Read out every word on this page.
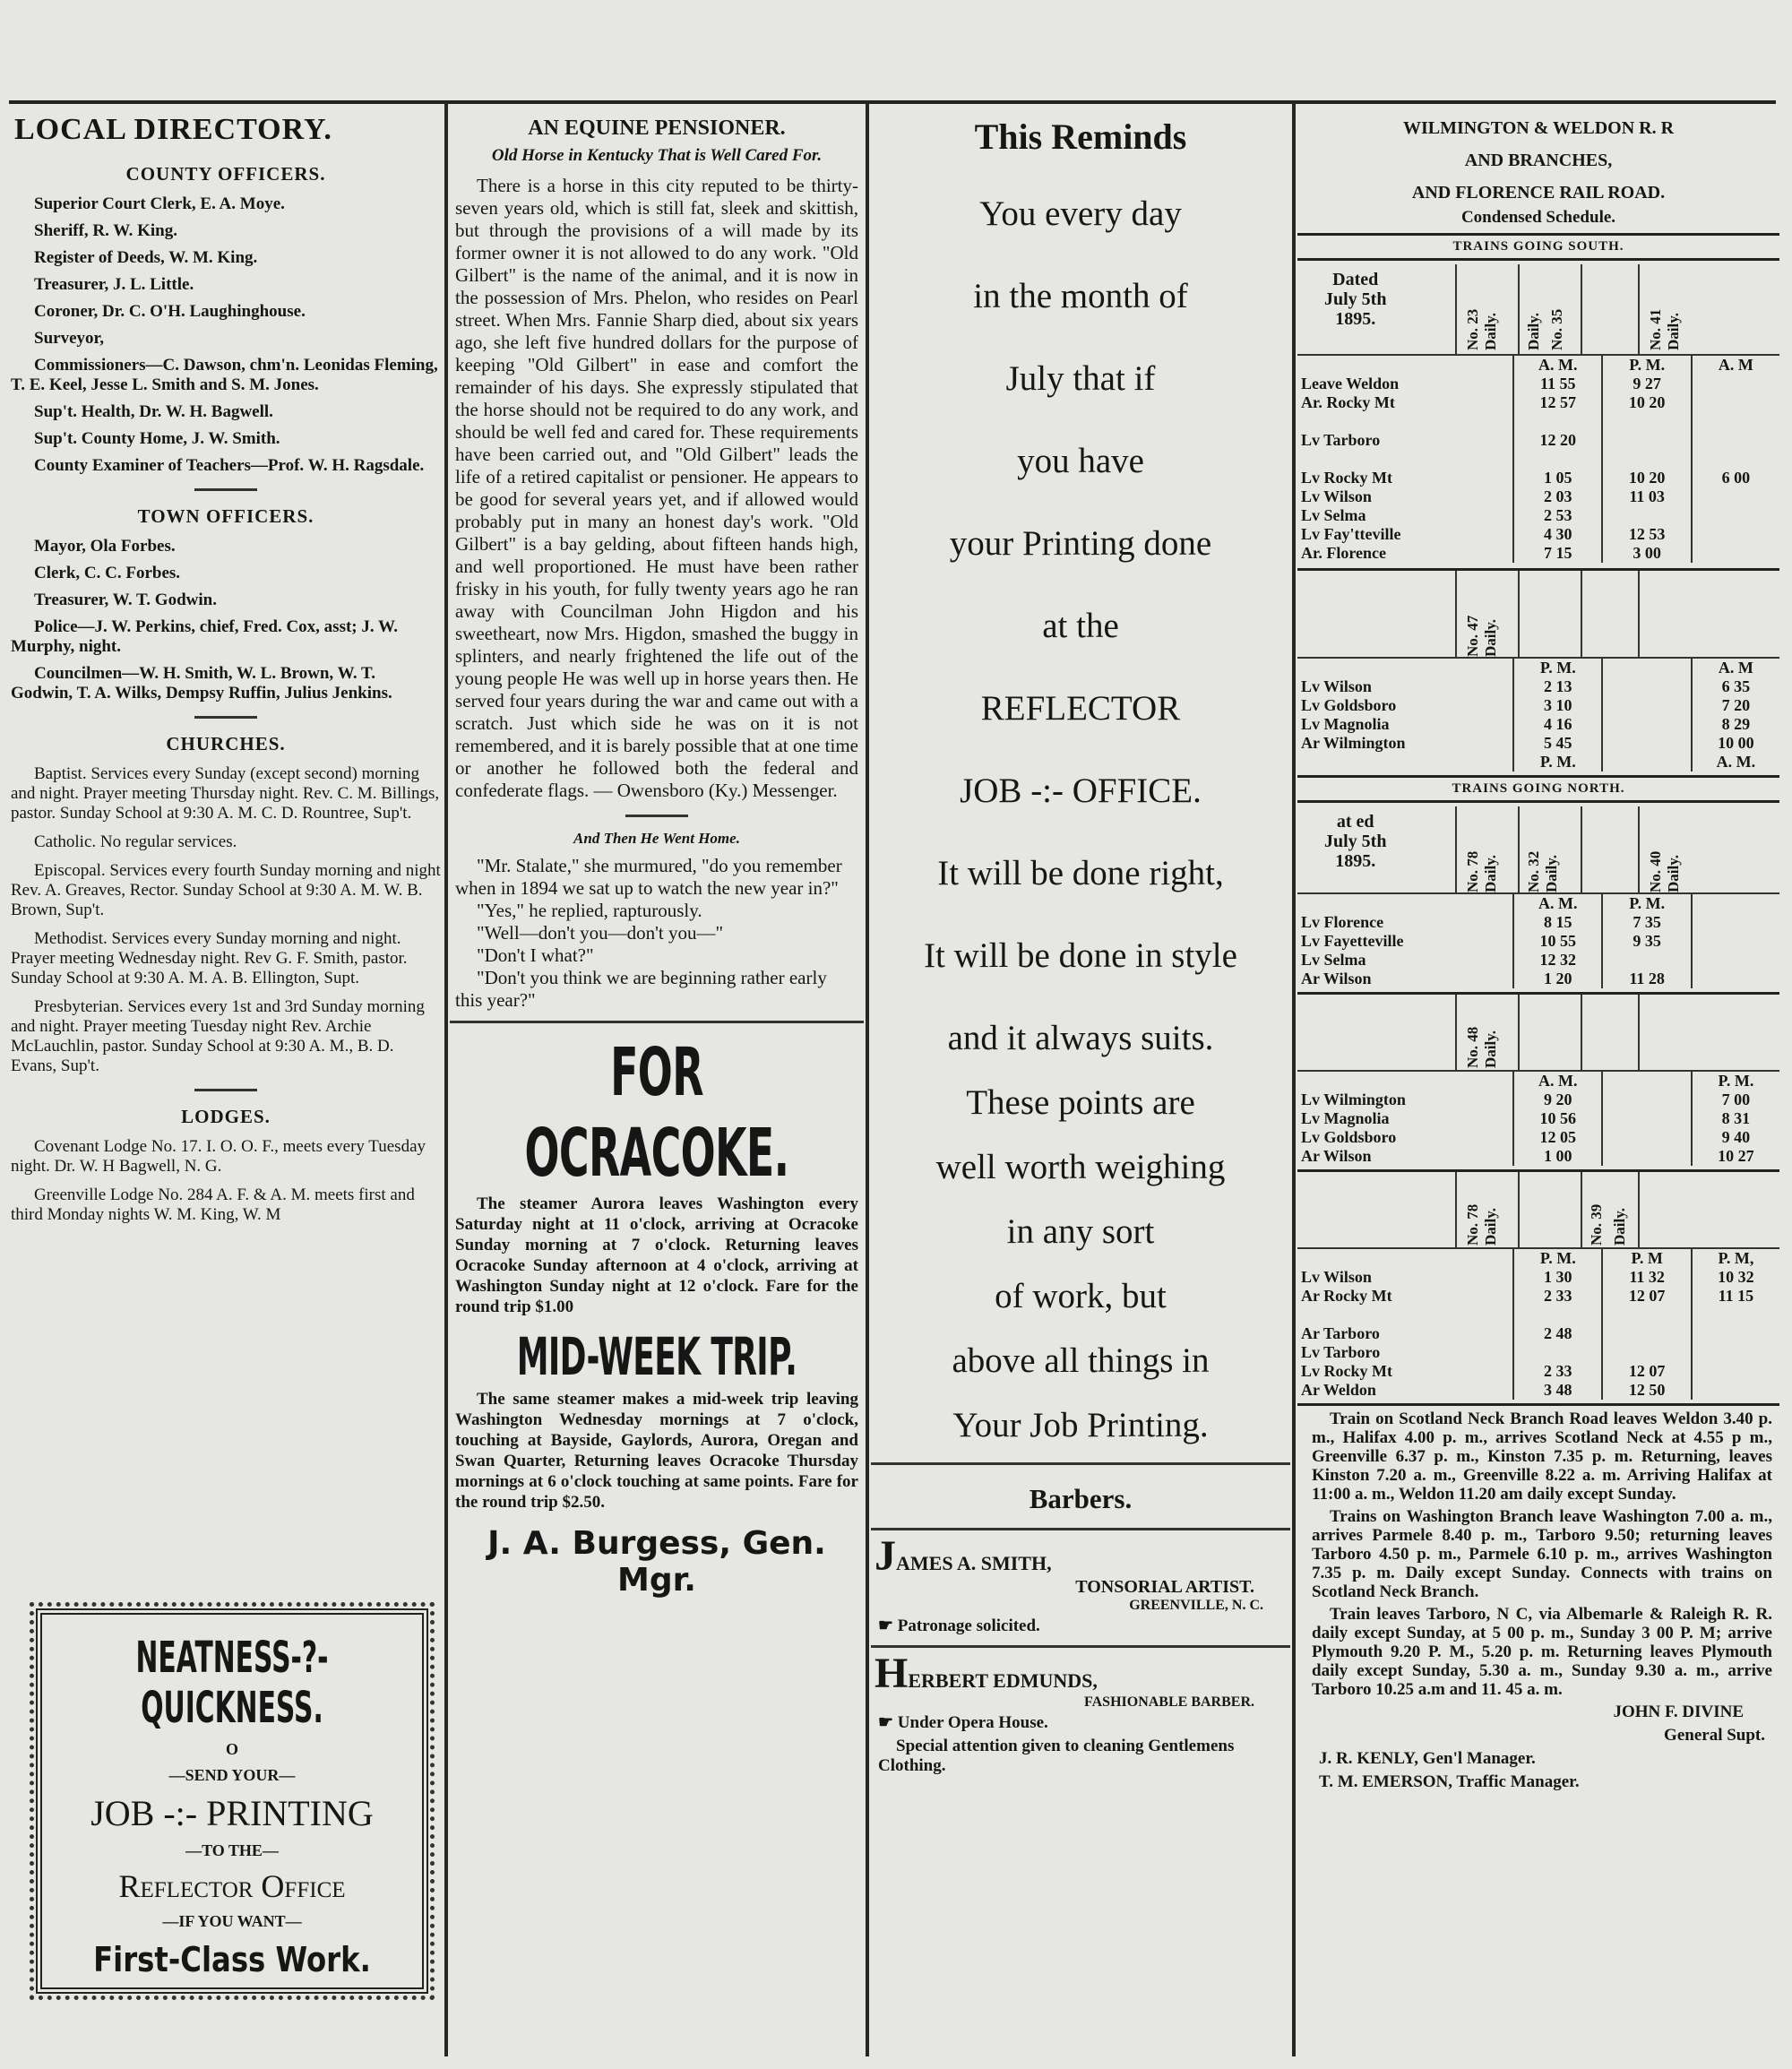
LOCAL DIRECTORY.
COUNTY OFFICERS.

Superior Court Clerk, E. A. Moye.

Sheriff, R. W. King.

Register of Deeds, W. M. King.

Treasurer, J. L. Little.

Coroner, Dr. C. O'H. Laughinghouse.

Surveyor,

Commissioners—C. Dawson, chm'n. Leonidas Fleming, T. E. Keel, Jesse L. Smith and S. M. Jones.

Sup't. Health, Dr. W. H. Bagwell.

Sup't. County Home, J. W. Smith.

County Examiner of Teachers—Prof. W. H. Ragsdale.

TOWN OFFICERS.

Mayor, Ola Forbes.

Clerk, C. C. Forbes.

Treasurer, W. T. Godwin.

Police—J. W. Perkins, chief, Fred. Cox, asst; J. W. Murphy, night.

Councilmen—W. H. Smith, W. L. Brown, W. T. Godwin, T. A. Wilks, Dempsy Ruffin, Julius Jenkins.

CHURCHES.

Baptist. Services every Sunday (except second) morning and night. Prayer meeting Thursday night. Rev. C. M. Billings, pastor. Sunday School at 9:30 A. M. C. D. Rountree, Sup't.

Catholic. No regular services.

Episcopal. Services every fourth Sunday morning and night Rev. A. Greaves, Rector. Sunday School at 9:30 A. M. W. B. Brown, Sup't.

Methodist. Services every Sunday morning and night. Prayer meeting Wednesday night. Rev G. F. Smith, pastor. Sunday School at 9:30 A. M. A. B. Ellington, Supt.

Presbyterian. Services every 1st and 3rd Sunday morning and night. Prayer meeting Tuesday night Rev. Archie McLauchlin, pastor. Sunday School at 9:30 A. M., B. D. Evans, Sup't.

LODGES.

Covenant Lodge No. 17. I. O. O. F., meets every Tuesday night. Dr. W. H Bagwell, N. G.

Greenville Lodge No. 284 A. F. & A. M. meets first and third Monday nights W. M. King, W. M

NEATNESS-?-QUICKNESS.
O
—SEND YOUR—
JOB -:- PRINTING
—TO THE—
Reflector Office
—IF YOU WANT—
First-Class Work.
AN EQUINE PENSIONER.
Old Horse in Kentucky That is Well Cared For.

There is a horse in this city reputed to be thirty-seven years old, which is still fat, sleek and skittish, but through the provisions of a will made by its former owner it is not allowed to do any work. "Old Gilbert" is the name of the animal, and it is now in the possession of Mrs. Phelon, who resides on Pearl street. When Mrs. Fannie Sharp died, about six years ago, she left five hundred dollars for the purpose of keeping "Old Gilbert" in ease and comfort the remainder of his days. She expressly stipulated that the horse should not be required to do any work, and should be well fed and cared for. These requirements have been carried out, and "Old Gilbert" leads the life of a retired capitalist or pensioner. He appears to be good for several years yet, and if allowed would probably put in many an honest day's work. "Old Gilbert" is a bay gelding, about fifteen hands high, and well proportioned. He must have been rather frisky in his youth, for fully twenty years ago he ran away with Councilman John Higdon and his sweetheart, now Mrs. Higdon, smashed the buggy in splinters, and nearly frightened the life out of the young people He was well up in horse years then. He served four years during the war and came out with a scratch. Just which side he was on it is not remembered, and it is barely possible that at one time or another he followed both the federal and confederate flags. — Owensboro (Ky.) Messenger.

And Then He Went Home.

"Mr. Stalate," she murmured, "do you remember when in 1894 we sat up to watch the new year in?"

"Yes," he replied, rapturously.

"Well—don't you—don't you—"

"Don't I what?"

"Don't you think we are beginning rather early this year?"

FOR OCRACOKE.

The steamer Aurora leaves Washington every Saturday night at 11 o'clock, arriving at Ocracoke Sunday morning at 7 o'clock. Returning leaves Ocracoke Sunday afternoon at 4 o'clock, arriving at Washington Sunday night at 12 o'clock. Fare for the round trip $1.00

MID-WEEK TRIP.

The same steamer makes a mid-week trip leaving Washington Wednesday mornings at 7 o'clock, touching at Bayside, Gaylords, Aurora, Oregan and Swan Quarter, Returning leaves Ocracoke Thursday mornings at 6 o'clock touching at same points. Fare for the round trip $2.50.

J. A. Burgess, Gen. Mgr.
This Reminds
You every day
in the month of
July that if
you have
your Printing done
at the
REFLECTOR
JOB -:- OFFICE.
It will be done right,
It will be done in style
and it always suits.
These points are
well worth weighing
in any sort
of work, but
above all things in
Your Job Printing.
Barbers.
JAMES A. SMITH,
TONSORIAL ARTIST.
GREENVILLE, N. C.
☛ Patronage solicited.
HERBERT EDMUNDS,
FASHIONABLE BARBER.
☛ Under Opera House.
Special attention given to cleaning Gentlemens Clothing.
WILMINGTON & WELDON R. R
AND BRANCHES,
AND FLORENCE RAIL ROAD.
Condensed Schedule.
TRAINS GOING SOUTH.
Dated
July 5th
1895.	No. 23 Daily. Daily. No. 35	No. 41 Daily.
	A. M.	P. M.	A. M
Leave Weldon	11 55	9 27	
Ar. Rocky Mt	12 57	10 20	

Lv Tarboro	12 20		

Lv Rocky Mt	1 05	10 20	6 00
Lv Wilson	2 03	11 03	
Lv Selma	2 53		
Lv Fay'tteville	4 30	12 53	
Ar. Florence	7 15	3 00	
No. 47 Daily.
	P. M.		A. M
Lv Wilson	2 13		6 35
Lv Goldsboro	3 10		7 20
Lv Magnolia	4 16		8 29
Ar Wilmington	5 45		10 00
	P. M.		A. M.
TRAINS GOING NORTH.
at ed
July 5th
1895.	No. 78 Daily. No. 32 Daily.	No. 40 Daily.
	A. M.	P. M.	
Lv Florence	8 15	7 35	
Lv Fayetteville	10 55	9 35	
Lv Selma	12 32		
Ar Wilson	1 20	11 28	
No. 48 Daily.
	A. M.		P. M.
Lv Wilmington	9 20		7 00
Lv Magnolia	10 56		8 31
Lv Goldsboro	12 05		9 40
Ar Wilson	1 00		10 27
No. 78 Daily.	No. 39 Daily.
	P. M.	P. M	P. M,
Lv Wilson	1 30	11 32	10 32
Ar Rocky Mt	2 33	12 07	11 15

Ar Tarboro	2 48		
Lv Tarboro			
Lv Rocky Mt	2 33	12 07	
Ar Weldon	3 48	12 50	

Train on Scotland Neck Branch Road leaves Weldon 3.40 p. m., Halifax 4.00 p. m., arrives Scotland Neck at 4.55 p m., Greenville 6.37 p. m., Kinston 7.35 p. m. Returning, leaves Kinston 7.20 a. m., Greenville 8.22 a. m. Arriving Halifax at 11:00 a. m., Weldon 11.20 am daily except Sunday.

Trains on Washington Branch leave Washington 7.00 a. m., arrives Parmele 8.40 p. m., Tarboro 9.50; returning leaves Tarboro 4.50 p. m., Parmele 6.10 p. m., arrives Washington 7.35 p. m. Daily except Sunday. Connects with trains on Scotland Neck Branch.

Train leaves Tarboro, N C, via Albemarle & Raleigh R. R. daily except Sunday, at 5 00 p. m., Sunday 3 00 P. M; arrive Plymouth 9.20 P. M., 5.20 p. m. Returning leaves Plymouth daily except Sunday, 5.30 a. m., Sunday 9.30 a. m., arrive Tarboro 10.25 a.m and 11. 45 a. m.

JOHN F. DIVINE
General Supt.
J. R. KENLY, Gen'l Manager.
T. M. EMERSON, Traffic Manager.
